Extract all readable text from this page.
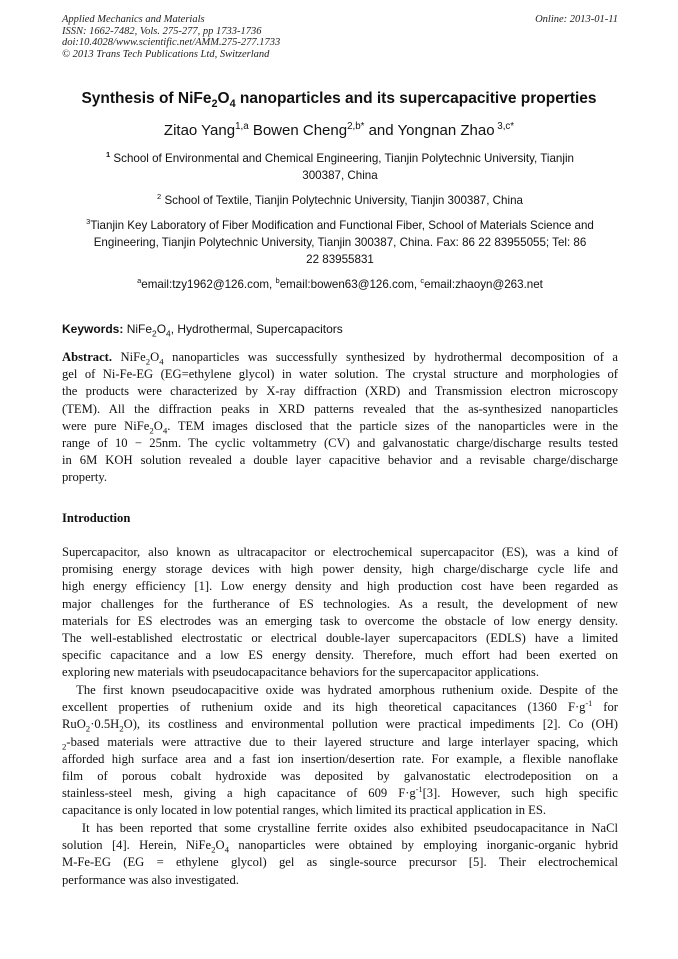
Applied Mechanics and Materials
ISSN: 1662-7482, Vols. 275-277, pp 1733-1736
doi:10.4028/www.scientific.net/AMM.275-277.1733
© 2013 Trans Tech Publications Ltd, Switzerland
Online: 2013-01-11
Synthesis of $NiFe_2O_4$ nanoparticles and its supercapacitive properties
Zitao Yang$^{1,a}$ Bowen Cheng$^{2,b*}$ and Yongnan Zhao $^{3,c*}$
$^1$ School of Environmental and Chemical Engineering, Tianjin Polytechnic University, Tianjin
300387, China
$^2$ School of Textile, Tianjin Polytechnic University, Tianjin 300387, China
$^3$Tianjin Key Laboratory of Fiber Modification and Functional Fiber, School of Materials Science and
Engineering, Tianjin Polytechnic University, Tianjin 300387, China. Fax: 86 22 83955055; Tel: 86
22 83955831
$^a$email:tzy1962@126.com, $^b$email:bowen63@126.com, $^c$email:zhaoyn@263.net
Keywords: $NiFe_2O_4$, Hydrothermal, Supercapacitors
Abstract. $NiFe_2O_4$ nanoparticles was successfully synthesized by hydrothermal decomposition of a
gel of Ni-Fe-EG (EG=ethylene glycol) in water solution. The crystal structure and morphologies of
the products were characterized by X-ray diffraction (XRD) and Transmission electron microscopy
(TEM). All the diffraction peaks in XRD patterns revealed that the as-synthesized nanoparticles
were pure $NiFe_2O_4$. TEM images disclosed that the particle sizes of the nanoparticles were in the
range of 10 − 25nm. The cyclic voltammetry (CV) and galvanostatic charge/discharge results tested
in 6M KOH solution revealed a double layer capacitive behavior and a revisable charge/discharge
property.
Introduction
Supercapacitor, also known as ultracapacitor or electrochemical supercapacitor (ES), was a kind of
promising energy storage devices with high power density, high charge/discharge cycle life and
high energy efficiency [1]. Low energy density and high production cost have been regarded as
major challenges for the furtherance of ES technologies. As a result, the development of new
materials for ES electrodes was an emerging task to overcome the obstacle of low energy density.
The well-established electrostatic or electrical double-layer supercapacitors (EDLS) have a limited
specific capacitance and a low ES energy density. Therefore, much effort had been exerted on
exploring new materials with pseudocapacitance behaviors for the supercapacitor applications.
The first known pseudocapacitive oxide was hydrated amorphous ruthenium oxide. Despite of the
excellent properties of ruthenium oxide and its high theoretical capacitances (1360 $F\cdot g^{-1}$ for
$RuO_2\cdot 0.5H_2O$), its costliness and environmental pollution were practical impediments [2]. Co (OH)
$_2$-based materials were attractive due to their layered structure and large interlayer spacing, which
afforded high surface area and a fast ion insertion/desertion rate. For example, a flexible nanoflake
film of porous cobalt hydroxide was deposited by galvanostatic electrodeposition on a
stainless-steel mesh, giving a high capacitance of 609 $F\cdot g^{-1}[3]$. However, such high specific
capacitance is only located in low potential ranges, which limited its practical application in ES.
It has been reported that some crystalline ferrite oxides also exhibited pseudocapacitance in NaCl
solution [4]. Herein, $NiFe_2O_4$ nanoparticles were obtained by employing inorganic-organic hybrid
M-Fe-EG (EG = ethylene glycol) gel as single-source precursor [5]. Their electrochemical
performance was also investigated.
